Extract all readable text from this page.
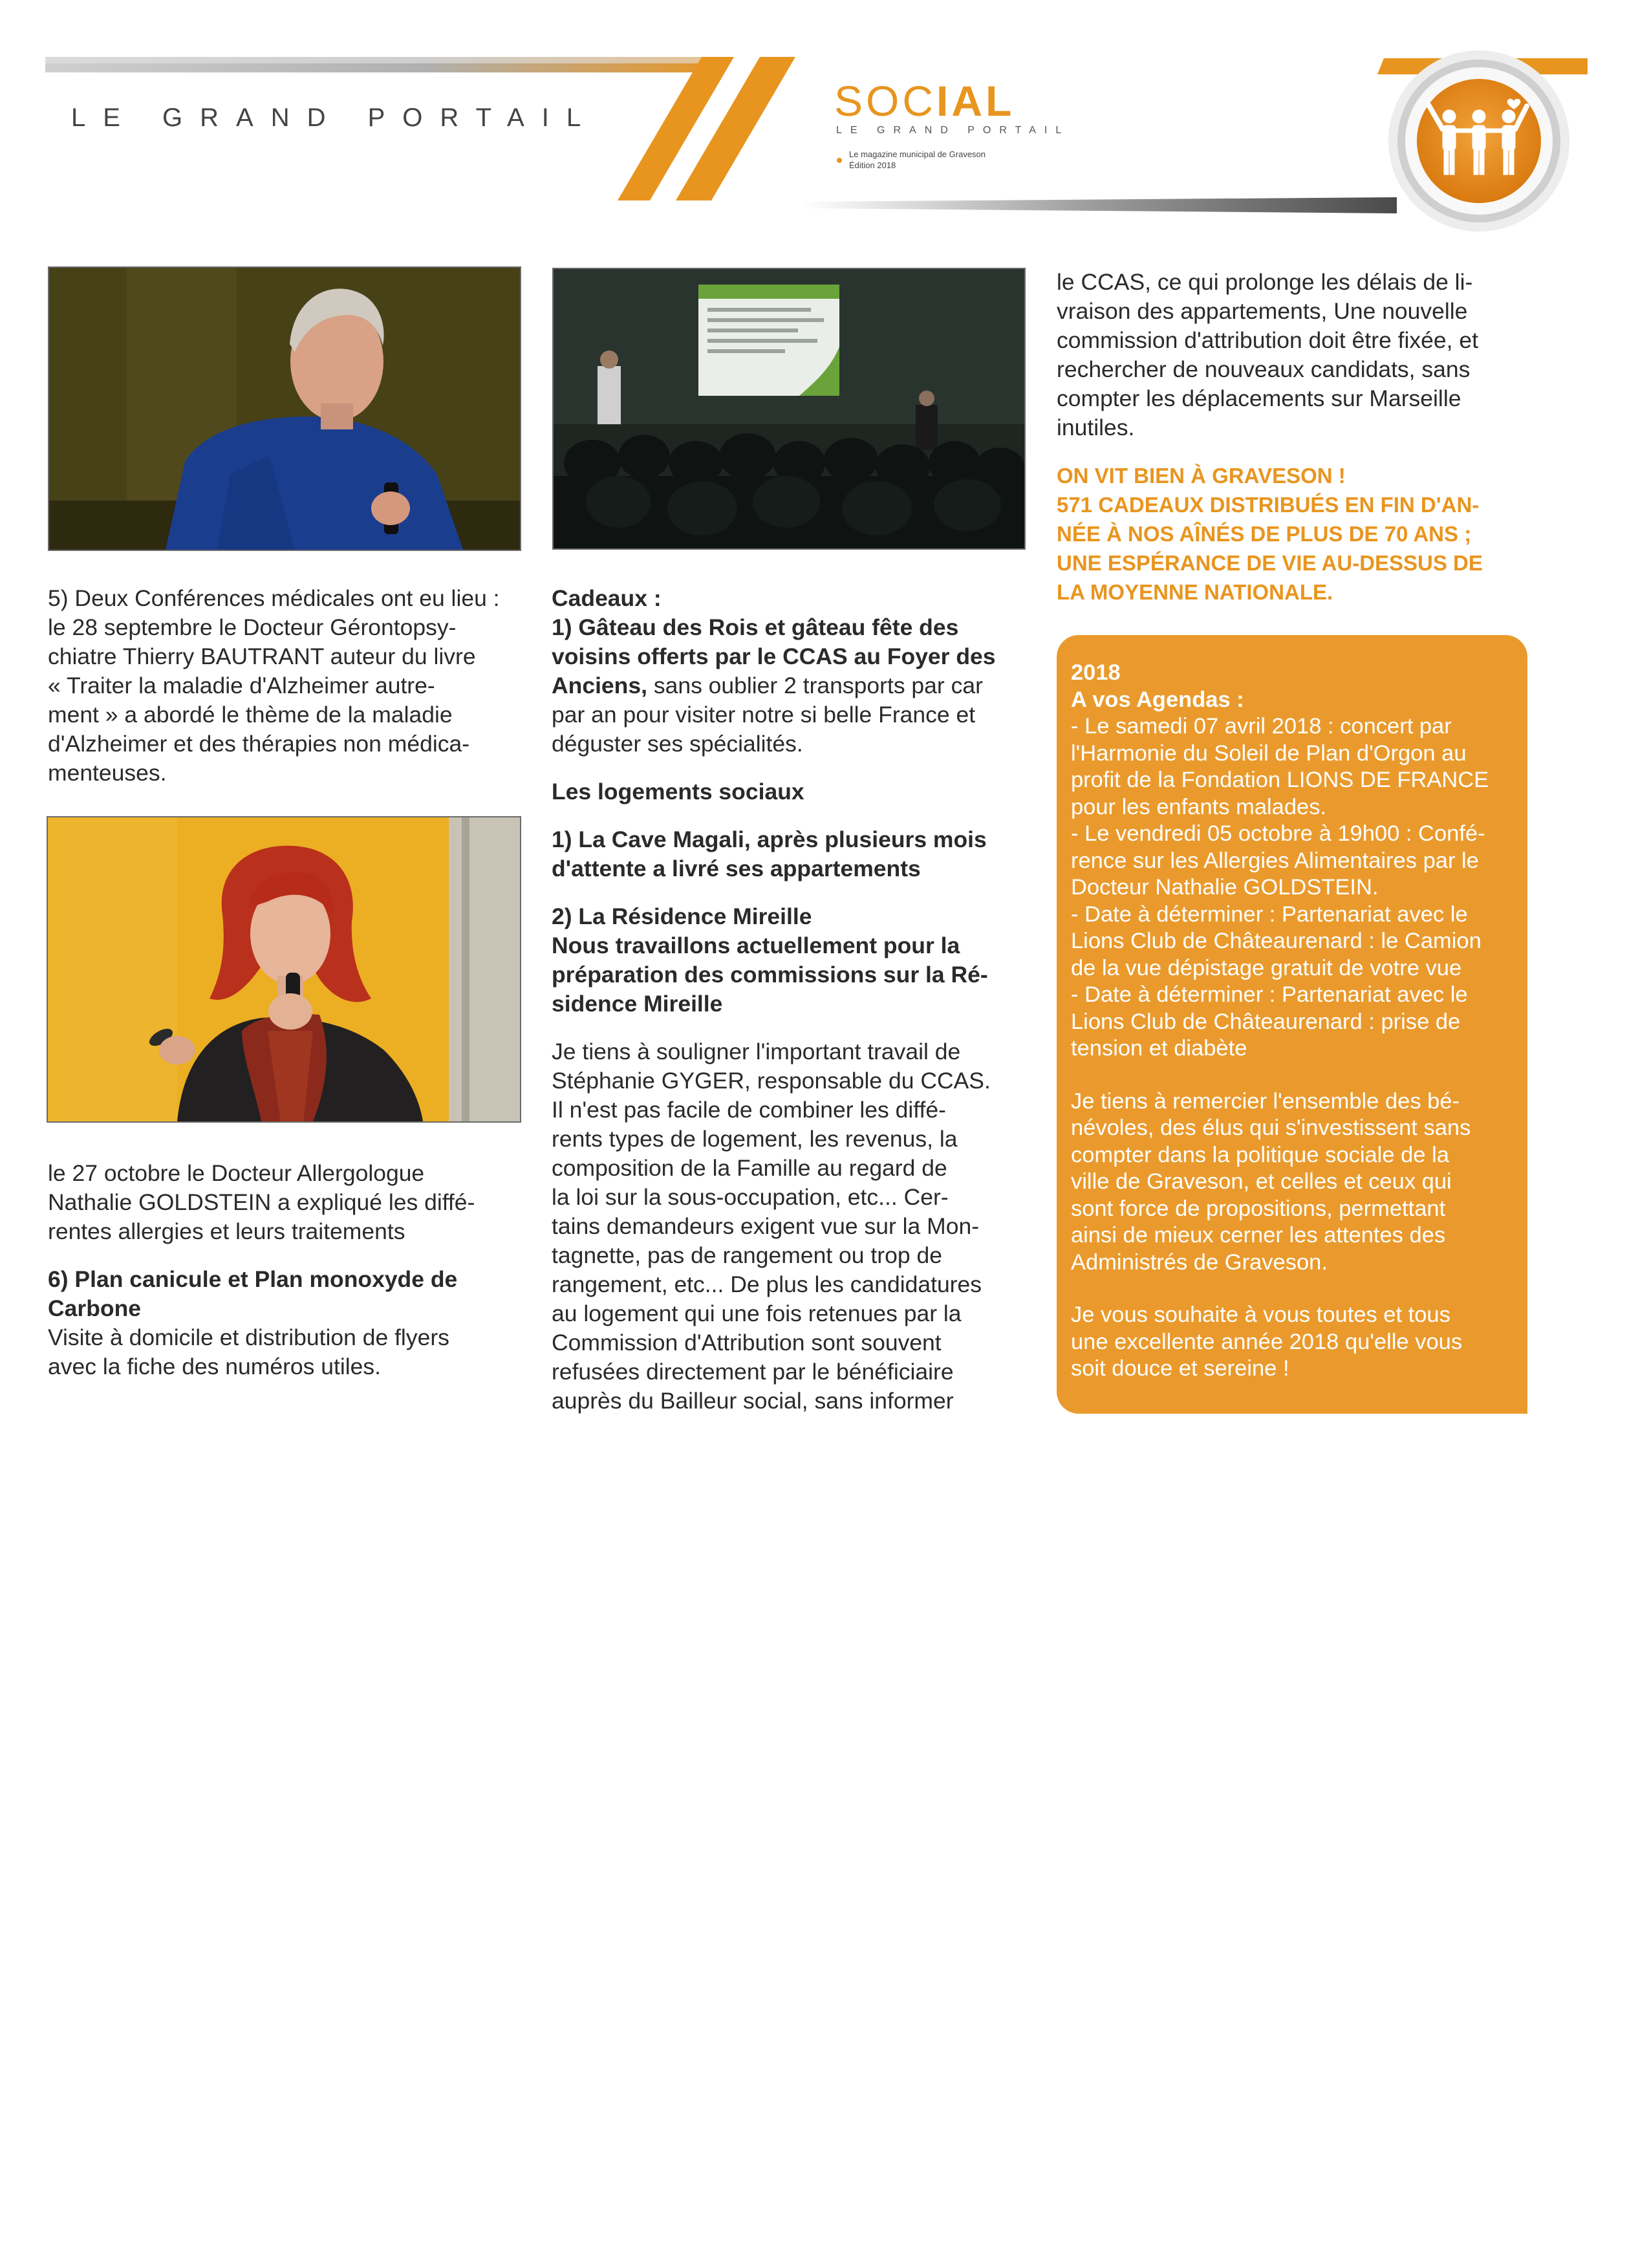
LE GRAND PORTAIL	SOCIAL
LE GRAND PORTAIL
Le magazine municipal de Graveson
Édition 2018

5) Deux Conférences médicales ont eu lieu :
le 28 septembre le Docteur Gérontopsy-
chiatre Thierry BAUTRANT auteur du livre
« Traiter la maladie d'Alzheimer autre-
ment » a abordé le thème de la maladie
d'Alzheimer et des thérapies non médica-
menteuses.

le 27 octobre le Docteur Allergologue
Nathalie GOLDSTEIN a expliqué les diffé-
rentes allergies et leurs traitements

6) Plan canicule et Plan monoxyde de
Carbone

Visite à domicile et distribution de flyers
avec la fiche des numéros utiles.

Cadeaux :

1) Gâteau des Rois et gâteau fête des
voisins offerts par le CCAS au Foyer des
Anciens, sans oublier 2 transports par car
par an pour visiter notre si belle France et
déguster ses spécialités.

Les logements sociaux

1) La Cave Magali, après plusieurs mois
d'attente a livré ses appartements

2) La Résidence Mireille
Nous travaillons actuellement pour la
préparation des commissions sur la Ré-
sidence Mireille

Je tiens à souligner l'important travail de
Stéphanie GYGER, responsable du CCAS.
Il n'est pas facile de combiner les diffé-
rents types de logement, les revenus, la
composition de la Famille au regard de
la loi sur la sous-occupation, etc... Cer-
tains demandeurs exigent vue sur la Mon-
tagnette, pas de rangement ou trop de
rangement, etc... De plus les candidatures
au logement qui une fois retenues par la
Commission d'Attribution sont souvent
refusées directement par le bénéficiaire
auprès du Bailleur social, sans informer

le CCAS, ce qui prolonge les délais de li-
vraison des appartements, Une nouvelle
commission d'attribution doit être fixée, et
rechercher de nouveaux candidats, sans
compter les déplacements sur Marseille
inutiles.

ON VIT BIEN À GRAVESON !
571 CADEAUX DISTRIBUÉS EN FIN D'AN-
NÉE À NOS AÎNÉS DE PLUS DE 70 ANS ;
UNE ESPÉRANCE DE VIE AU-DESSUS DE
LA MOYENNE NATIONALE.

2018

A vos Agendas :

- Le samedi 07 avril 2018 : concert par
l'Harmonie du Soleil de Plan d'Orgon au
profit de la Fondation LIONS DE FRANCE
pour les enfants malades.

- Le vendredi 05 octobre à 19h00 : Confé-
rence sur les Allergies Alimentaires par le
Docteur Nathalie GOLDSTEIN.

- Date à déterminer : Partenariat avec le
Lions Club de Châteaurenard : le Camion
de la vue dépistage gratuit de votre vue

- Date à déterminer : Partenariat avec le
Lions Club de Châteaurenard : prise de
tension et diabète

Je tiens à remercier l'ensemble des bé-
névoles, des élus qui s'investissent sans
compter dans la politique sociale de la
ville de Graveson, et celles et ceux qui
sont force de propositions, permettant
ainsi de mieux cerner les attentes des
Administrés de Graveson.

Je vous souhaite à vous toutes et tous
une excellente année 2018 qu'elle vous
soit douce et sereine !
